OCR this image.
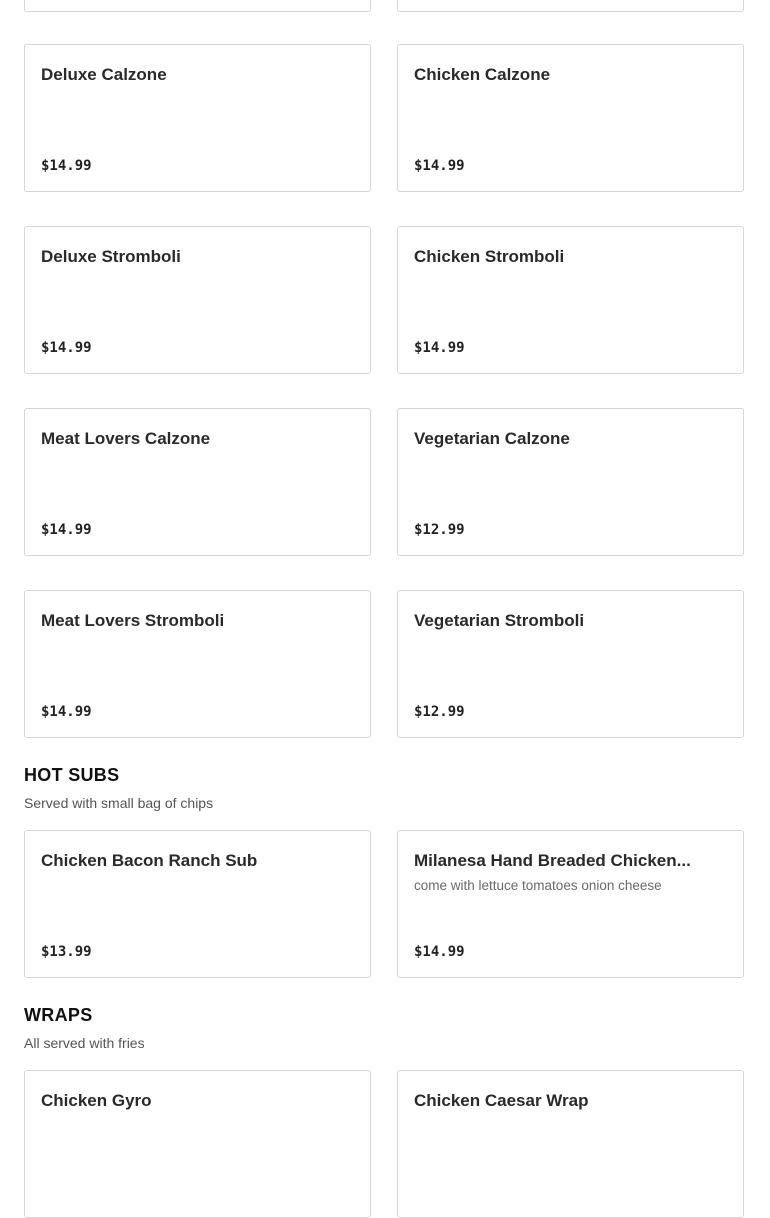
Deluxe Calzone
$14.99
Chicken Calzone
$14.99
Deluxe Stromboli
$14.99
Chicken Stromboli
$14.99
Meat Lovers Calzone
$14.99
Vegetarian Calzone
$12.99
Meat Lovers Stromboli
$14.99
Vegetarian Stromboli
$12.99
HOT SUBS
Served with small bag of chips
Chicken Bacon Ranch Sub
$13.99
Milanesa Hand Breaded Chicken...
come with lettuce tomatoes onion cheese
$14.99
WRAPS
All served with fries
Chicken Gyro	Chicken Caesar Wrap
